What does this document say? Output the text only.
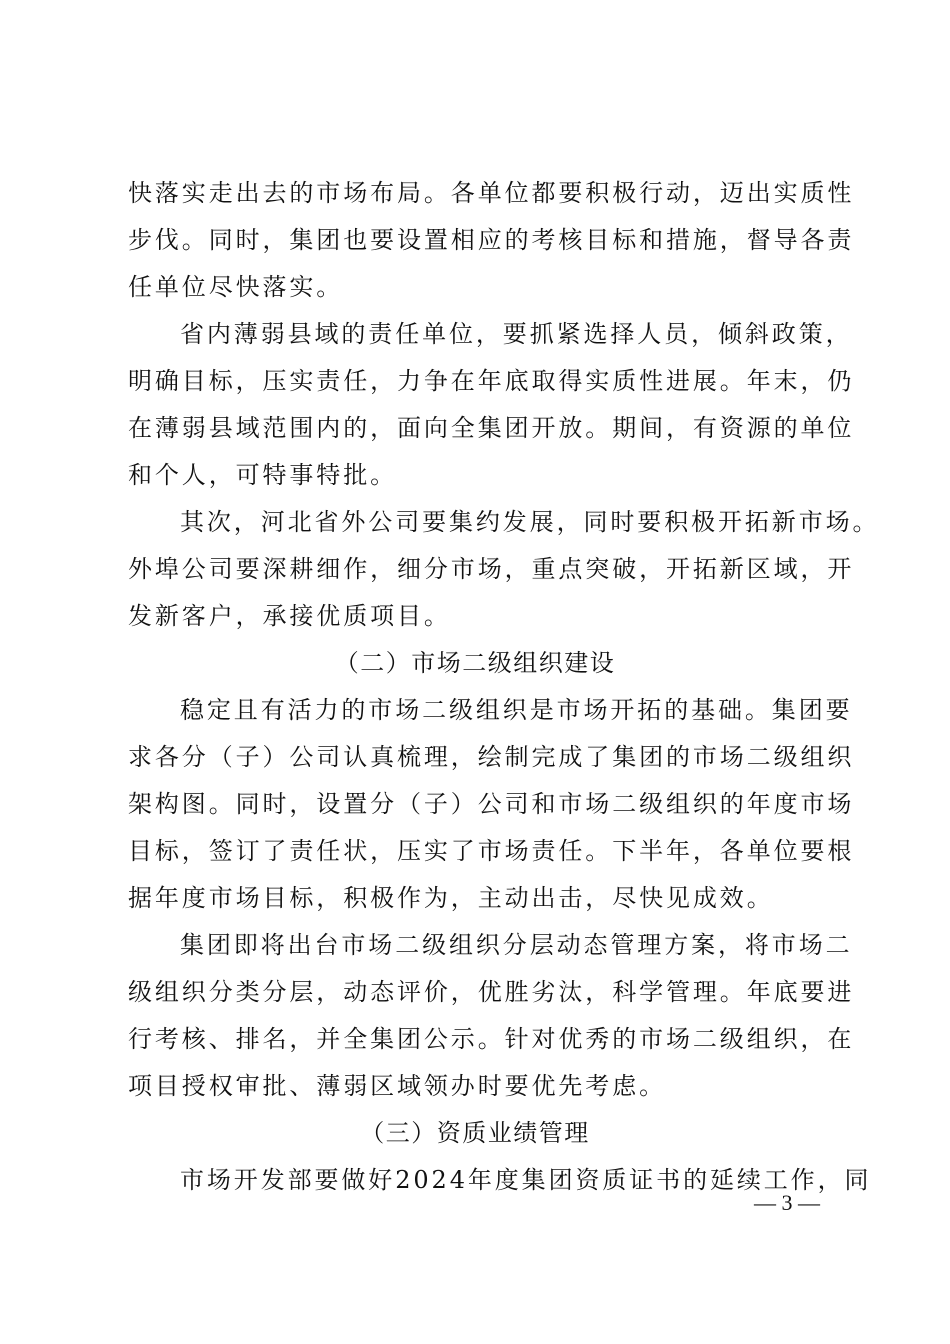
快落实走出去的市场布局。各单位都要积极行动，迈出实质性
步伐。同时，集团也要设置相应的考核目标和措施，督导各责
任单位尽快落实。
省内薄弱县域的责任单位，要抓紧选择人员，倾斜政策，
明确目标，压实责任，力争在年底取得实质性进展。年末，仍
在薄弱县域范围内的，面向全集团开放。期间，有资源的单位
和个人，可特事特批。
其次，河北省外公司要集约发展，同时要积极开拓新市场。
外埠公司要深耕细作，细分市场，重点突破，开拓新区域，开
发新客户，承接优质项目。
（二）市场二级组织建设
稳定且有活力的市场二级组织是市场开拓的基础。集团要
求各分（子）公司认真梳理，绘制完成了集团的市场二级组织
架构图。同时，设置分（子）公司和市场二级组织的年度市场
目标，签订了责任状，压实了市场责任。下半年，各单位要根
据年度市场目标，积极作为，主动出击，尽快见成效。
集团即将出台市场二级组织分层动态管理方案，将市场二
级组织分类分层，动态评价，优胜劣汰，科学管理。年底要进
行考核、排名，并全集团公示。针对优秀的市场二级组织，在
项目授权审批、薄弱区域领办时要优先考虑。
（三）资质业绩管理
市场开发部要做好2024年度集团资质证书的延续工作，同
— 3 —
